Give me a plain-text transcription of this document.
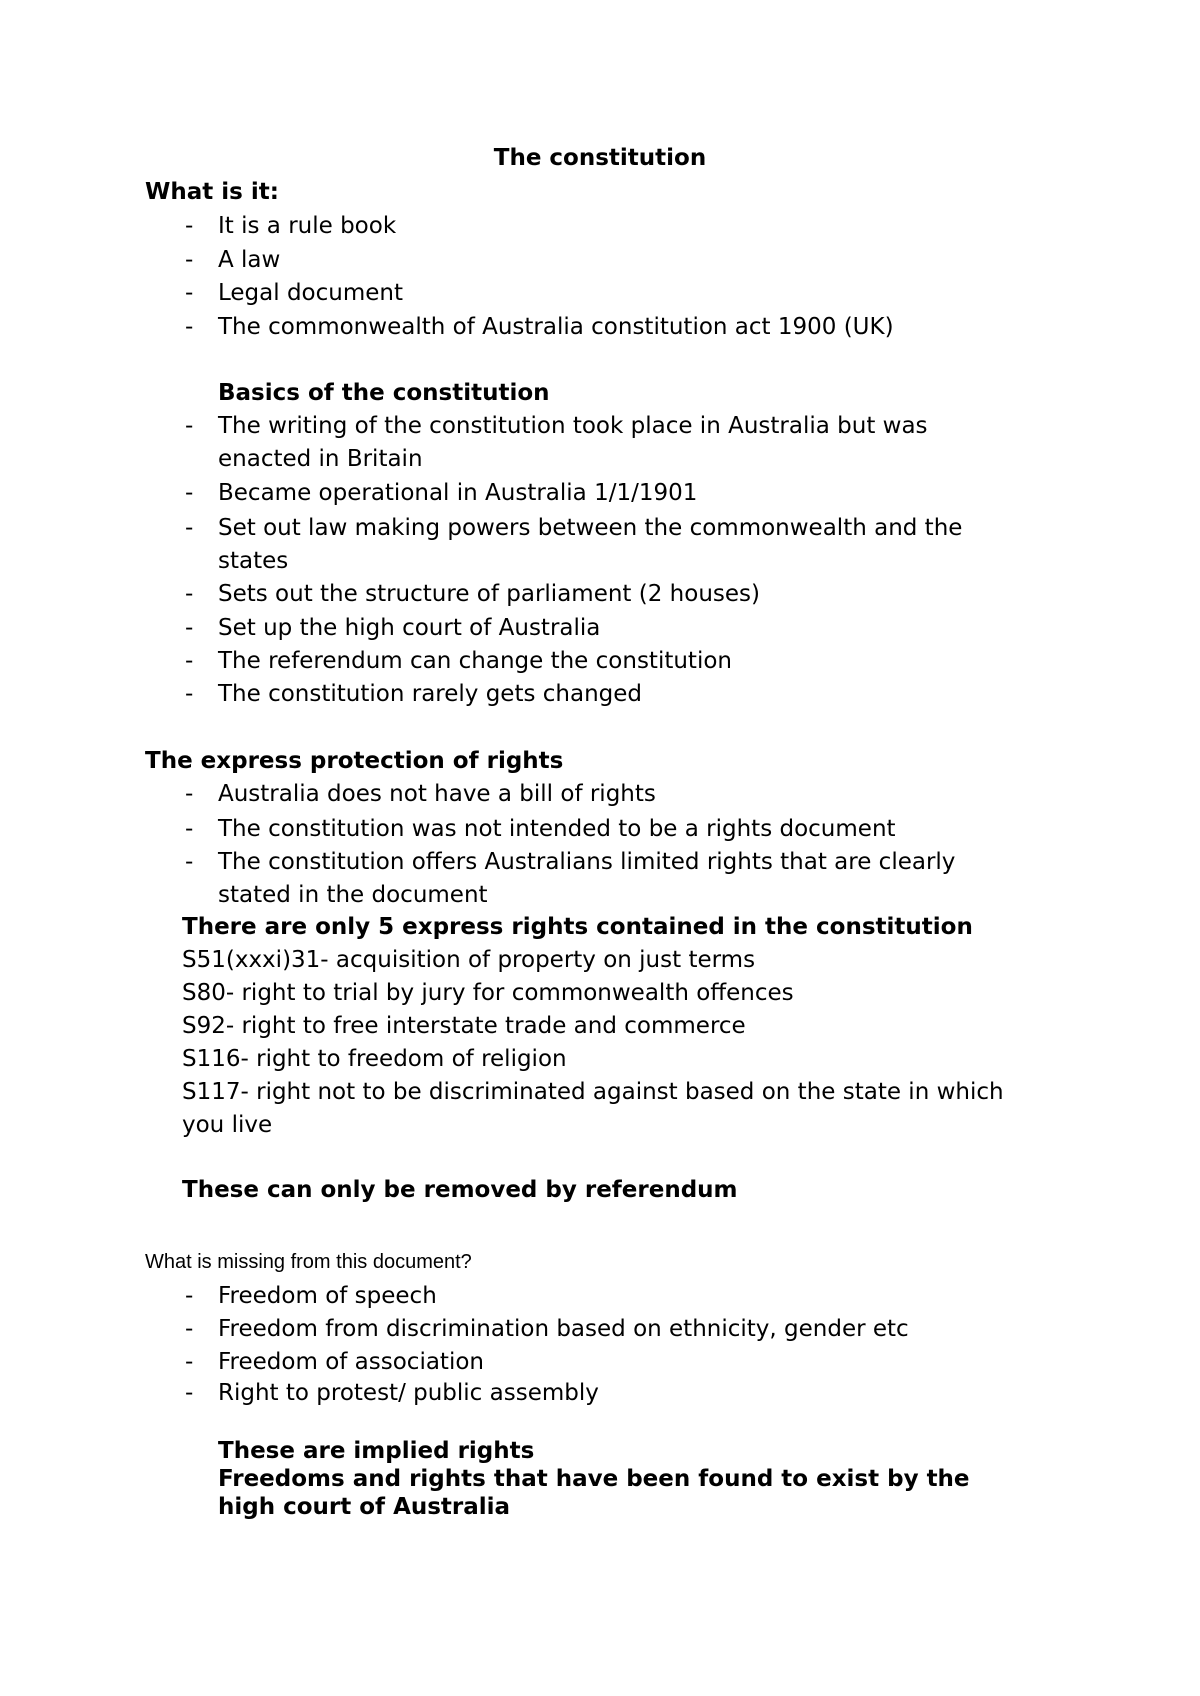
The constitution

What is it:

- It is a rule book

- A law

- Legal document

- The commonwealth of Australia constitution act 1900 (UK)

Basics of the constitution

- The writing of the constitution took place in Australia but was

enacted in Britain

- Became operational in Australia 1/1/1901

- Set out law making powers between the commonwealth and the

states

- Sets out the structure of parliament (2 houses)

- Set up the high court of Australia

- The referendum can change the constitution

- The constitution rarely gets changed

The express protection of rights

- Australia does not have a bill of rights

- The constitution was not intended to be a rights document

- The constitution offers Australians limited rights that are clearly

stated in the document

There are only 5 express rights contained in the constitution

S51(xxxi)31- acquisition of property on just terms

S80- right to trial by jury for commonwealth offences

S92- right to free interstate trade and commerce

S116- right to freedom of religion

S117- right not to be discriminated against based on the state in which

you live

These can only be removed by referendum

What is missing from this document?

- Freedom of speech

- Freedom from discrimination based on ethnicity, gender etc

- Freedom of association

- Right to protest/ public assembly

These are implied rights

Freedoms and rights that have been found to exist by the

high court of Australia
